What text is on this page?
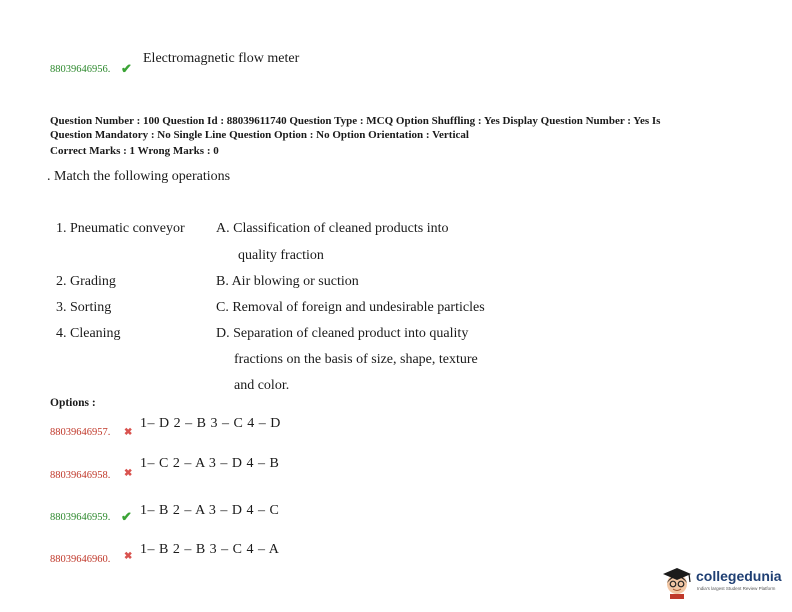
88039646956. ✔
Electromagnetic flow meter
Question Number : 100 Question Id : 88039611740 Question Type : MCQ Option Shuffling : Yes Display Question Number : Yes Is
Question Mandatory : No Single Line Question Option : No Option Orientation : Vertical
Correct Marks : 1 Wrong Marks : 0
. Match the following operations
1. Pneumatic conveyor
2. Grading
3. Sorting
4. Cleaning
A. Classification of cleaned products into
quality fraction
B. Air blowing or suction
C. Removal of foreign and undesirable particles
D. Separation of cleaned product into quality
fractions on the basis of size, shape, texture
and color.
Options :
88039646957. ✖
1– D 2 – B 3 – C 4 – D
88039646958. ✖
1– C 2 – A 3 – D 4 – B
88039646959. ✔ 1– B 2 – A 3 – D 4 – C
88039646960. ✖ 1– B 2 – B 3 – C 4 – A
collegedunia
India's largest Student Review Platform
